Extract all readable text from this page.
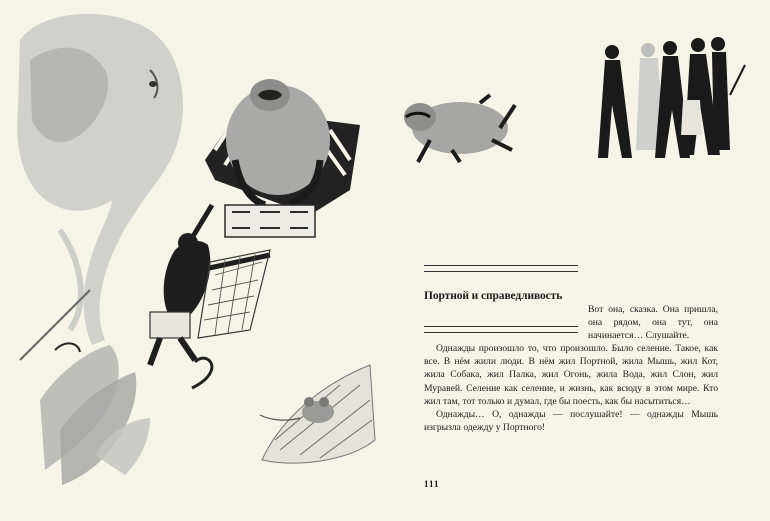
Портной и справедливость
Вот она, сказка. Она пришла, она рядом, она тут, она начинается… Слушайте.

Однажды произошло то, что произошло. Было селение. Такое, как все. В нём жили люди. В нём жил Портной, жила Мышь, жил Кот, жила Собака, жил Палка, жил Огонь, жила Вода, жил Слон, жил Муравей. Селение как селение, и жизнь, как всюду в этом мире. Кто жил там, тот только и думал, где бы поесть, как бы насытиться…

Однажды… О, однажды — послушайте! — однажды Мышь изгрызла одежду у Портного!

111
